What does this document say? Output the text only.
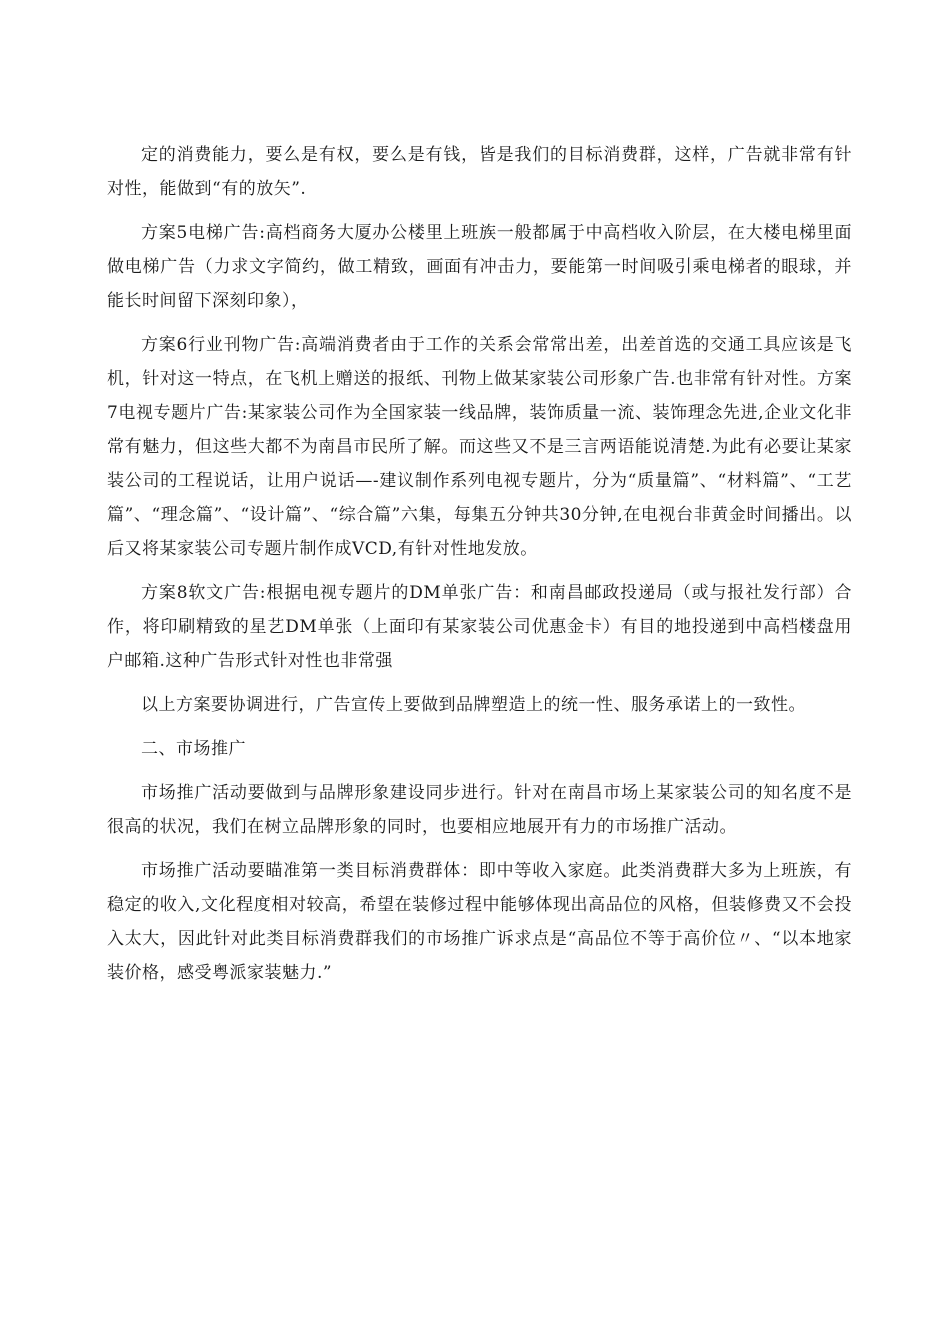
定的消费能力，要么是有权，要么是有钱，皆是我们的目标消费群，这样，广告就非常有针对性，能做到“有的放矢”.

方案5电梯广告:高档商务大厦办公楼里上班族一般都属于中高档收入阶层，在大楼电梯里面做电梯广告（力求文字简约，做工精致，画面有冲击力，要能第一时间吸引乘电梯者的眼球，并能长时间留下深刻印象），

方案6行业刊物广告:高端消费者由于工作的关系会常常出差，出差首选的交通工具应该是飞机，针对这一特点，在飞机上赠送的报纸、刊物上做某家装公司形象广告.也非常有针对性。方案7电视专题片广告:某家装公司作为全国家装一线品牌，装饰质量一流、装饰理念先进,企业文化非常有魅力，但这些大都不为南昌市民所了解。而这些又不是三言两语能说清楚.为此有必要让某家装公司的工程说话，让用户说话—-建议制作系列电视专题片，分为“质量篇”、“材料篇”、“工艺篇”、“理念篇”、“设计篇”、“综合篇”六集，每集五分钟共30分钟,在电视台非黄金时间播出。以后又将某家装公司专题片制作成VCD,有针对性地发放。

方案8软文广告:根据电视专题片的DM单张广告：和南昌邮政投递局（或与报社发行部）合作，将印刷精致的星艺DM单张（上面印有某家装公司优惠金卡）有目的地投递到中高档楼盘用户邮箱.这种广告形式针对性也非常强

以上方案要协调进行，广告宣传上要做到品牌塑造上的统一性、服务承诺上的一致性。

二、市场推广

市场推广活动要做到与品牌形象建设同步进行。针对在南昌市场上某家装公司的知名度不是很高的状况，我们在树立品牌形象的同时，也要相应地展开有力的市场推广活动。

市场推广活动要瞄准第一类目标消费群体：即中等收入家庭。此类消费群大多为上班族，有稳定的收入,文化程度相对较高，希望在装修过程中能够体现出高品位的风格，但装修费又不会投入太大，因此针对此类目标消费群我们的市场推广诉求点是“高品位不等于高价位〃、“以本地家装价格，感受粤派家装魅力.”
